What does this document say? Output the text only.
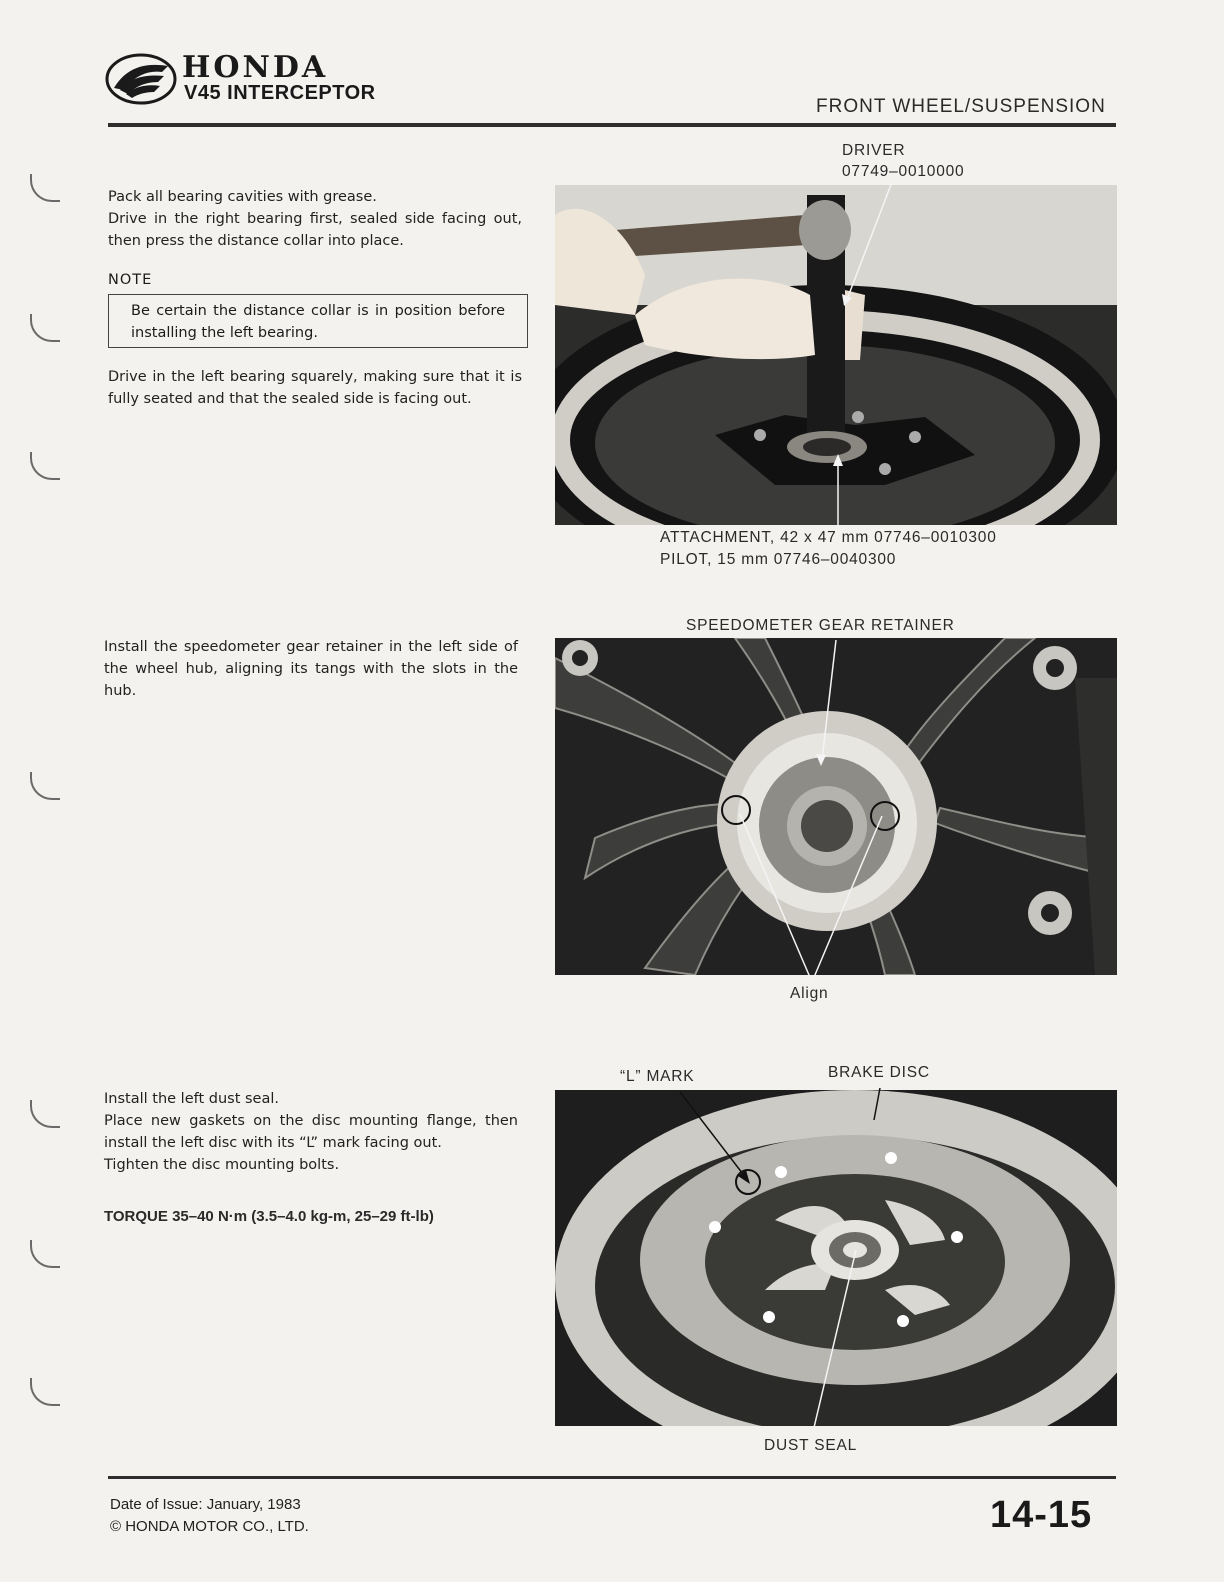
HONDA
V45 INTERCEPTOR
FRONT WHEEL/SUSPENSION
Pack all bearing cavities with grease.
Drive in the right bearing first, sealed side facing out, then press the distance collar into place.
NOTE
Be certain the distance collar is in position before installing the left bearing.
Drive in the left bearing squarely, making sure that it is fully seated and that the sealed side is facing out.
DRIVER
07749–0010000
ATTACHMENT, 42 x 47 mm 07746–0010300
PILOT, 15 mm 07746–0040300
Install the speedometer gear retainer in the left side of the wheel hub, aligning its tangs with the slots in the hub.
SPEEDOMETER GEAR RETAINER
Align
Install the left dust seal.
Place new gaskets on the disc mounting flange, then install the left disc with its “L” mark facing out.
Tighten the disc mounting bolts.
TORQUE 35–40 N·m (3.5–4.0 kg-m, 25–29 ft-lb)
“L” MARK	BRAKE DISC
DUST SEAL
Date of Issue: January, 1983
© HONDA MOTOR CO., LTD.	14-15
